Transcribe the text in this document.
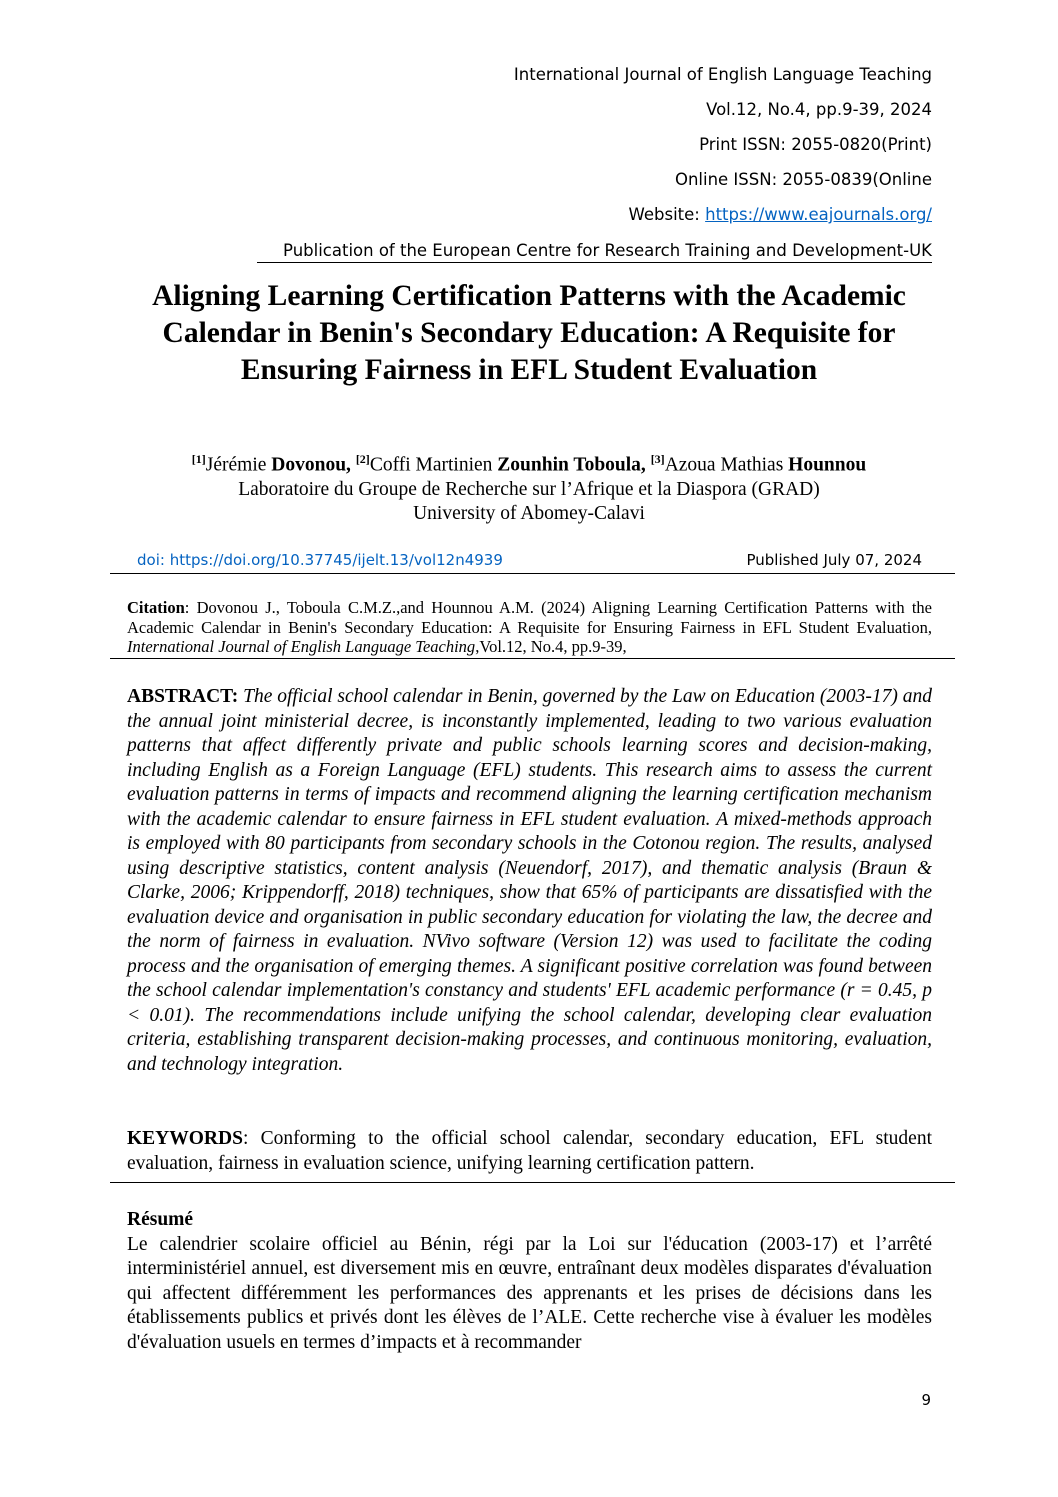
International Journal of English Language Teaching
Vol.12, No.4, pp.9-39, 2024
Print ISSN: 2055-0820(Print)
Online ISSN: 2055-0839(Online
Website: https://www.eajournals.org/
Publication of the European Centre for Research Training and Development-UK
Aligning Learning Certification Patterns with the Academic Calendar in Benin's Secondary Education: A Requisite for Ensuring Fairness in EFL Student Evaluation
[1]Jérémie Dovonou, [2]Coffi Martinien Zounhin Toboula, [3]Azoua Mathias Hounnou
Laboratoire du Groupe de Recherche sur l’Afrique et la Diaspora (GRAD)
University of Abomey-Calavi
doi: https://doi.org/10.37745/ijelt.13/vol12n4939	Published July 07, 2024
Citation: Dovonou J., Toboula C.M.Z.,and Hounnou A.M. (2024) Aligning Learning Certification Patterns with the Academic Calendar in Benin's Secondary Education: A Requisite for Ensuring Fairness in EFL Student Evaluation, International Journal of English Language Teaching,Vol.12, No.4, pp.9-39,
ABSTRACT: The official school calendar in Benin, governed by the Law on Education (2003-17) and the annual joint ministerial decree, is inconstantly implemented, leading to two various evaluation patterns that affect differently private and public schools learning scores and decision-making, including English as a Foreign Language (EFL) students. This research aims to assess the current evaluation patterns in terms of impacts and recommend aligning the learning certification mechanism with the academic calendar to ensure fairness in EFL student evaluation. A mixed-methods approach is employed with 80 participants from secondary schools in the Cotonou region. The results, analysed using descriptive statistics, content analysis (Neuendorf, 2017), and thematic analysis (Braun & Clarke, 2006; Krippendorff, 2018) techniques, show that 65% of participants are dissatisfied with the evaluation device and organisation in public secondary education for violating the law, the decree and the norm of fairness in evaluation. NVivo software (Version 12) was used to facilitate the coding process and the organisation of emerging themes. A significant positive correlation was found between the school calendar implementation's constancy and students' EFL academic performance (r = 0.45, p < 0.01). The recommendations include unifying the school calendar, developing clear evaluation criteria, establishing transparent decision-making processes, and continuous monitoring, evaluation, and technology integration.
KEYWORDS: Conforming to the official school calendar, secondary education, EFL student evaluation, fairness in evaluation science, unifying learning certification pattern.
Résumé
Le calendrier scolaire officiel au Bénin, régi par la Loi sur l'éducation (2003-17) et l’arrêté interministériel annuel, est diversement mis en œuvre, entraînant deux modèles disparates d'évaluation qui affectent différemment les performances des apprenants et les prises de décisions dans les établissements publics et privés dont les élèves de l’ALE. Cette recherche vise à évaluer les modèles d'évaluation usuels en termes d’impacts et à recommander
9
